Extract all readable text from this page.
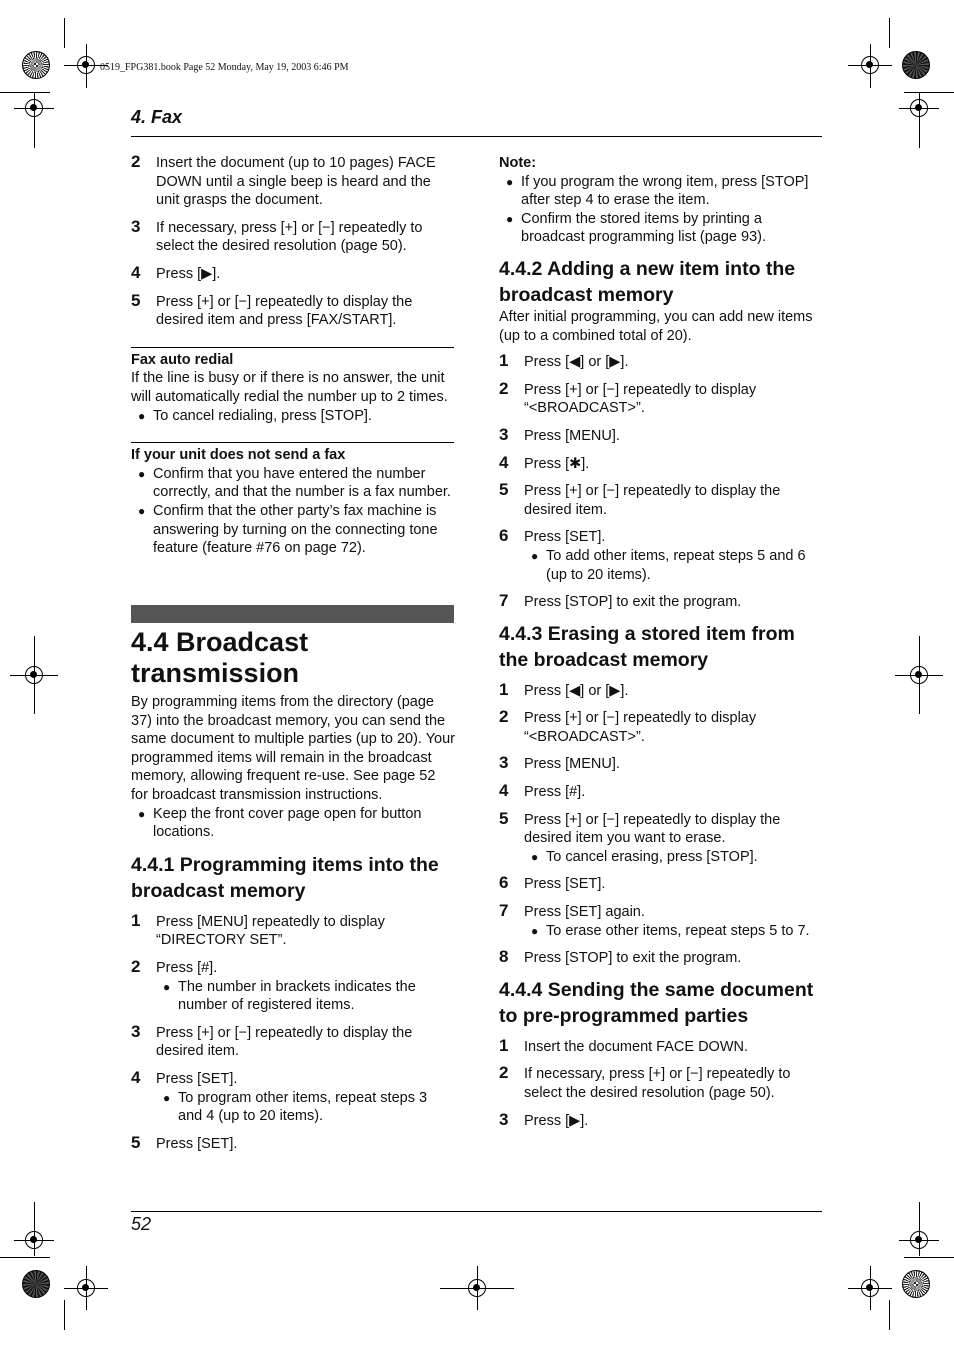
0519_FPG381.book Page 52 Monday, May 19, 2003 6:46 PM
4. Fax
2 Insert the document (up to 10 pages) FACE DOWN until a single beep is heard and the unit grasps the document.
3 If necessary, press [+] or [−] repeatedly to select the desired resolution (page 50).
4 Press [▶].
5 Press [+] or [−] repeatedly to display the desired item and press [FAX/START].
Fax auto redial
If the line is busy or if there is no answer, the unit will automatically redial the number up to 2 times.
● To cancel redialing, press [STOP].
If your unit does not send a fax
● Confirm that you have entered the number correctly, and that the number is a fax number.
● Confirm that the other party’s fax machine is answering by turning on the connecting tone feature (feature #76 on page 72).
4.4 Broadcast
transmission
By programming items from the directory (page 37) into the broadcast memory, you can send the same document to multiple parties (up to 20). Your programmed items will remain in the broadcast memory, allowing frequent re-use. See page 52 for broadcast transmission instructions.
● Keep the front cover page open for button locations.
4.4.1 Programming items into the broadcast memory
1 Press [MENU] repeatedly to display “DIRECTORY SET”.
2 Press [#].
● The number in brackets indicates the number of registered items.
3 Press [+] or [−] repeatedly to display the desired item.
4 Press [SET].
● To program other items, repeat steps 3 and 4 (up to 20 items).
5 Press [SET].
Note:
● If you program the wrong item, press [STOP] after step 4 to erase the item.
● Confirm the stored items by printing a broadcast programming list (page 93).
4.4.2 Adding a new item into the broadcast memory
After initial programming, you can add new items (up to a combined total of 20).
1 Press [◀] or [▶].
2 Press [+] or [−] repeatedly to display “<BROADCAST>”.
3 Press [MENU].
4 Press [✱].
5 Press [+] or [−] repeatedly to display the desired item.
6 Press [SET].
● To add other items, repeat steps 5 and 6 (up to 20 items).
7 Press [STOP] to exit the program.
4.4.3 Erasing a stored item from the broadcast memory
1 Press [◀] or [▶].
2 Press [+] or [−] repeatedly to display “<BROADCAST>”.
3 Press [MENU].
4 Press [#].
5 Press [+] or [−] repeatedly to display the desired item you want to erase.
● To cancel erasing, press [STOP].
6 Press [SET].
7 Press [SET] again.
● To erase other items, repeat steps 5 to 7.
8 Press [STOP] to exit the program.
4.4.4 Sending the same document to pre-programmed parties
1 Insert the document FACE DOWN.
2 If necessary, press [+] or [−] repeatedly to select the desired resolution (page 50).
3 Press [▶].
52
